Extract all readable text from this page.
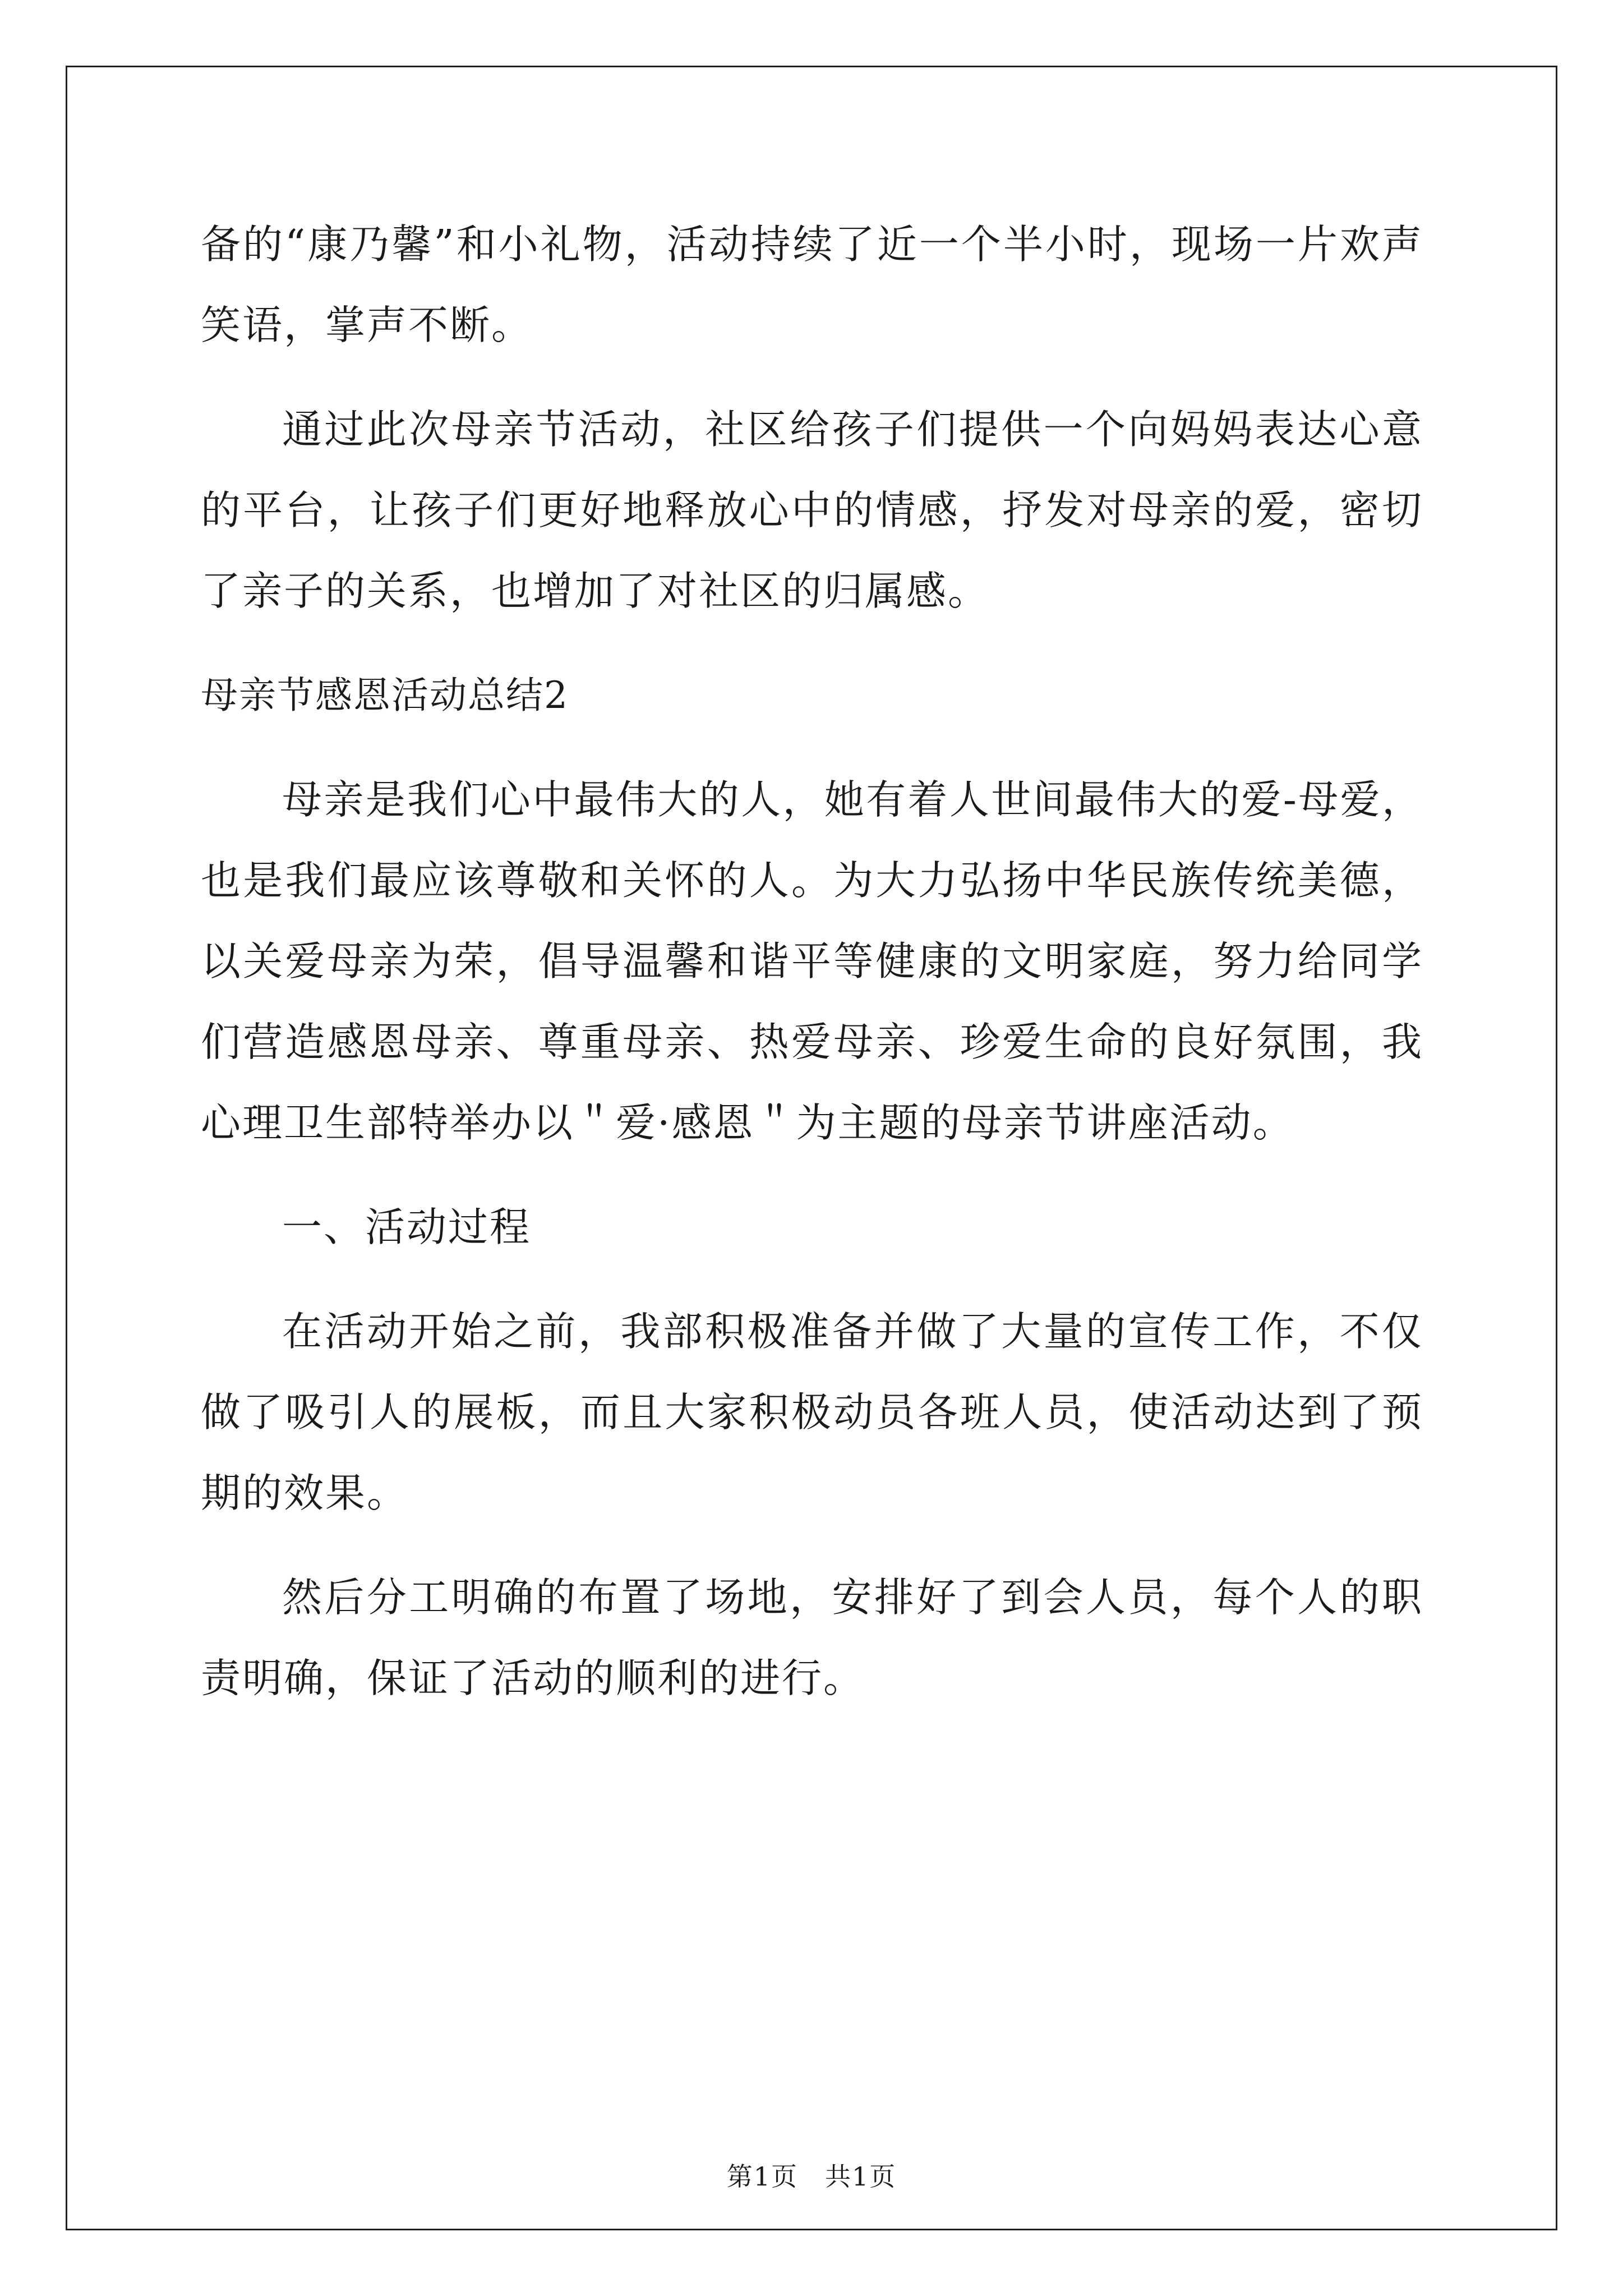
备的“康乃馨”和小礼物，活动持续了近一个半小时，现场一片欢声笑语，掌声不断。

通过此次母亲节活动，社区给孩子们提供一个向妈妈表达心意的平台，让孩子们更好地释放心中的情感，抒发对母亲的爱，密切了亲子的关系，也增加了对社区的归属感。

母亲节感恩活动总结2

母亲是我们心中最伟大的人，她有着人世间最伟大的爱-母爱，也是我们最应该尊敬和关怀的人。为大力弘扬中华民族传统美德，以关爱母亲为荣，倡导温馨和谐平等健康的文明家庭，努力给同学们营造感恩母亲、尊重母亲、热爱母亲、珍爱生命的良好氛围，我心理卫生部特举办以＂爱·感恩＂为主题的母亲节讲座活动。

一、活动过程

在活动开始之前，我部积极准备并做了大量的宣传工作，不仅做了吸引人的展板，而且大家积极动员各班人员，使活动达到了预期的效果。

然后分工明确的布置了场地，安排好了到会人员，每个人的职责明确，保证了活动的顺利的进行。

第1页　共1页
